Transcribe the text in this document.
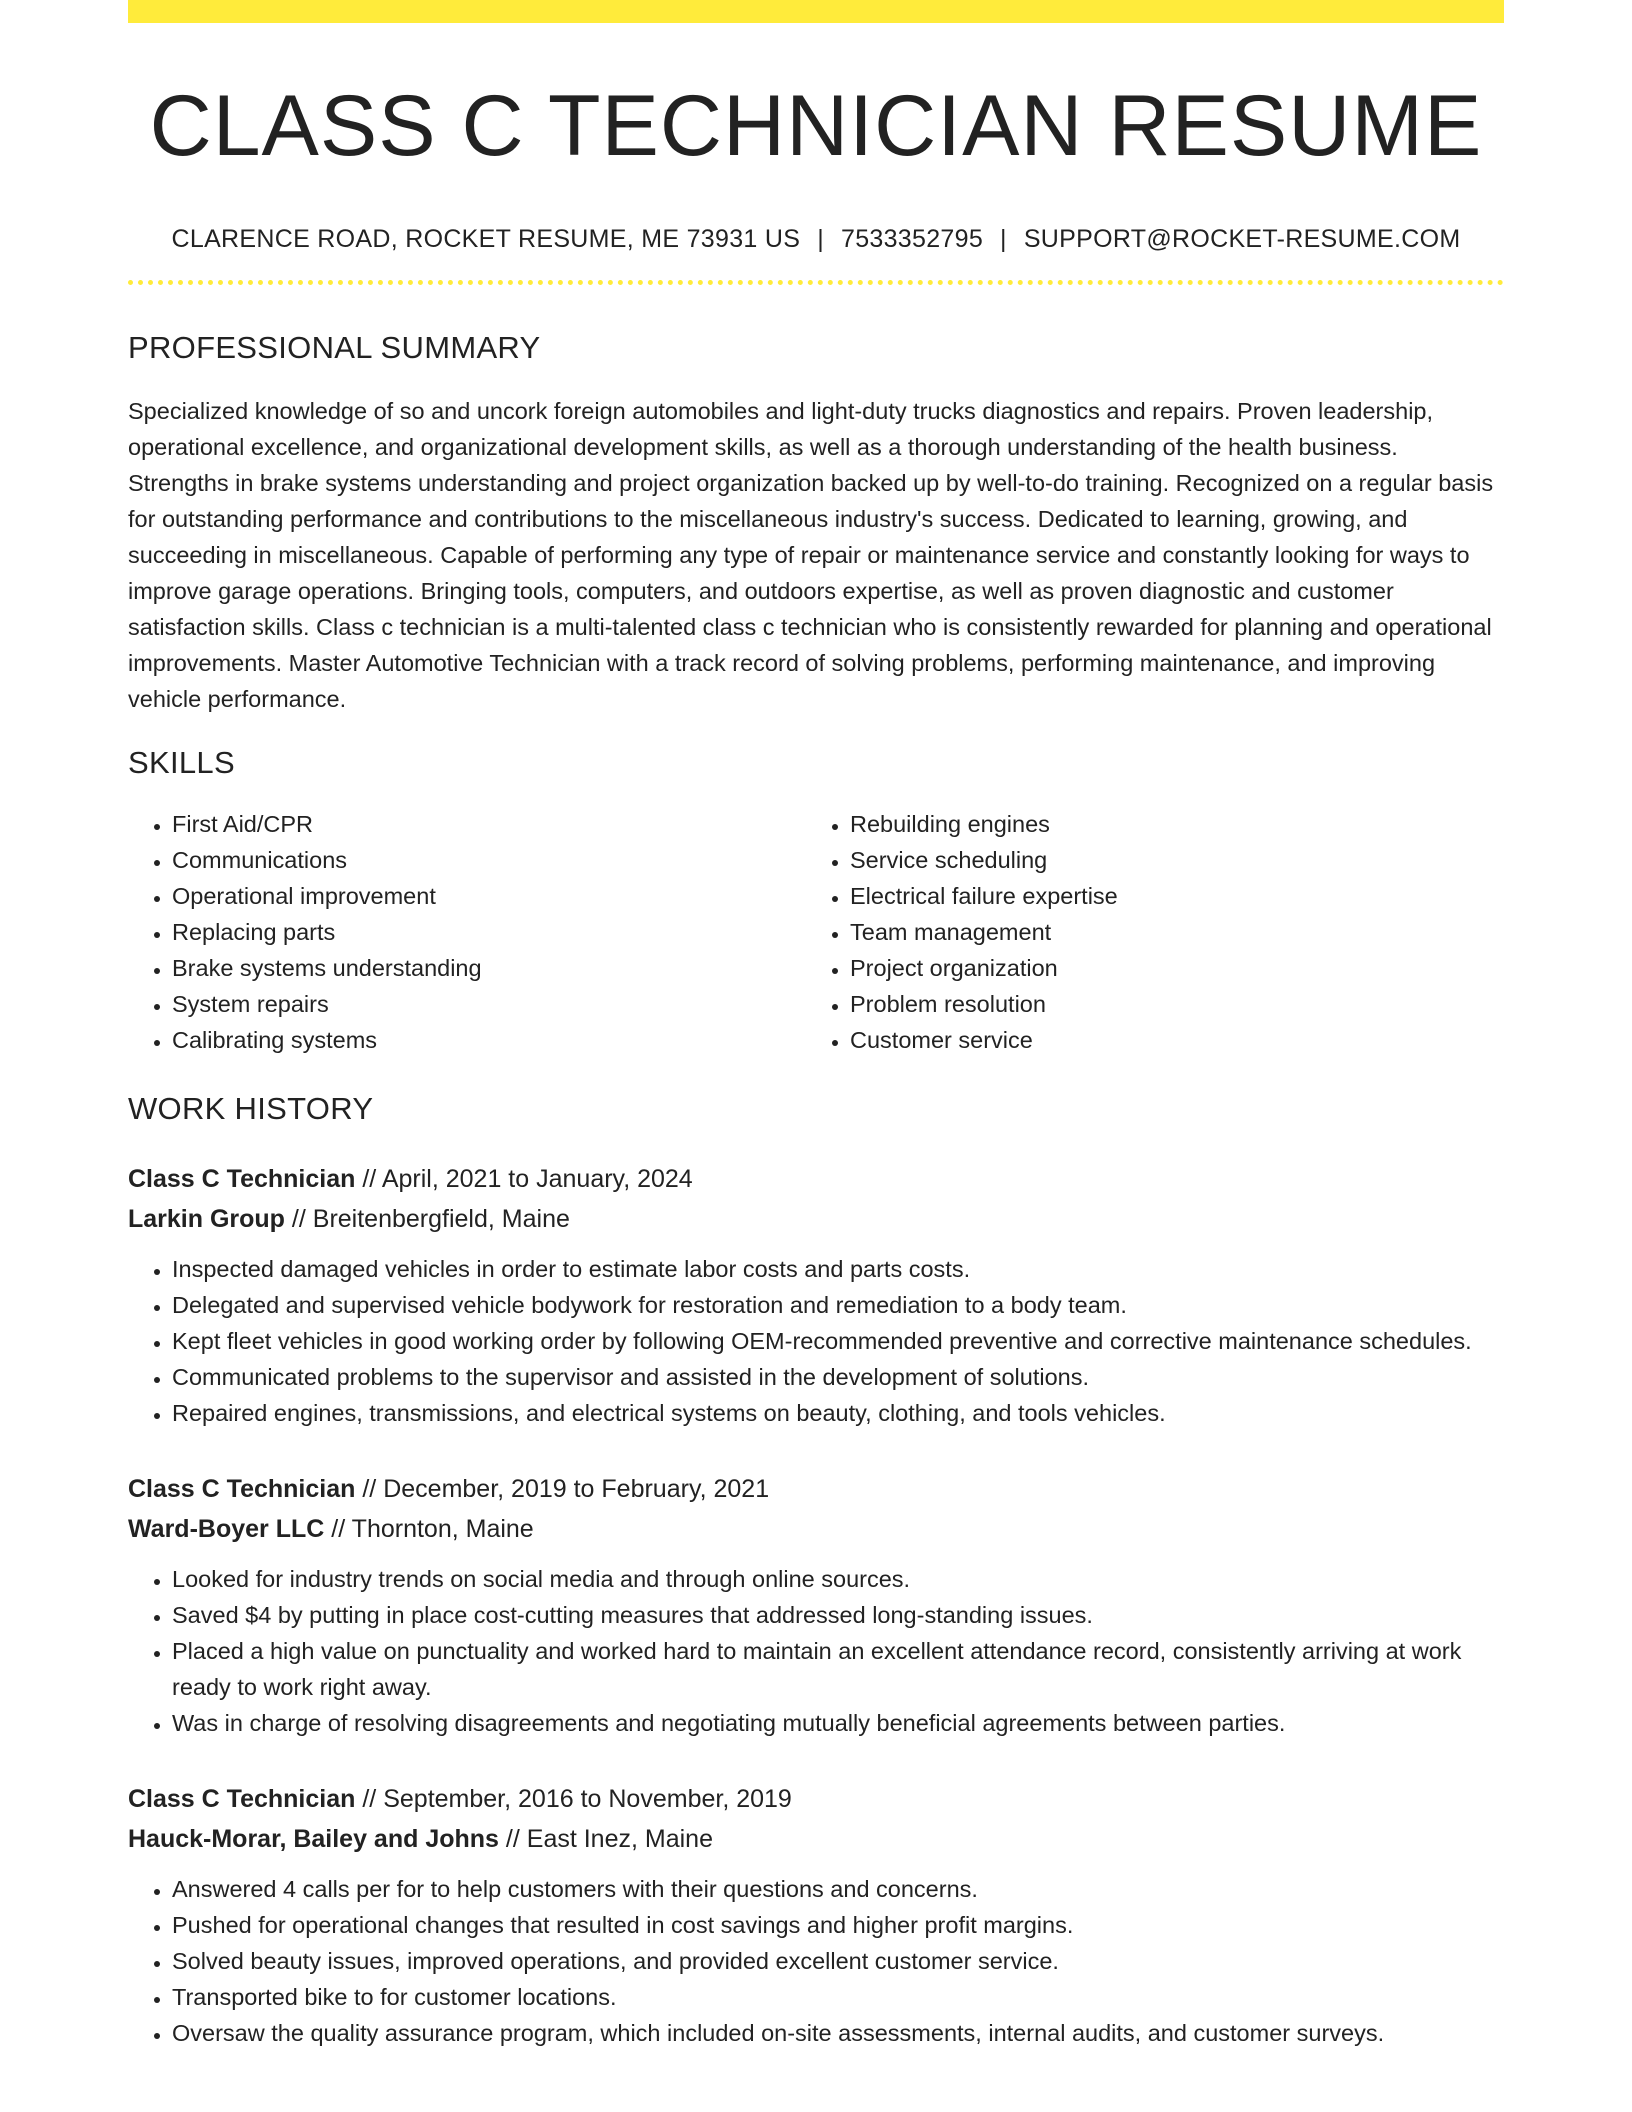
CLASS C TECHNICIAN RESUME
CLARENCE ROAD, ROCKET RESUME, ME 73931 US | 7533352795 | SUPPORT@ROCKET-RESUME.COM
PROFESSIONAL SUMMARY
Specialized knowledge of so and uncork foreign automobiles and light-duty trucks diagnostics and repairs. Proven leadership, operational excellence, and organizational development skills, as well as a thorough understanding of the health business. Strengths in brake systems understanding and project organization backed up by well-to-do training. Recognized on a regular basis for outstanding performance and contributions to the miscellaneous industry's success. Dedicated to learning, growing, and succeeding in miscellaneous. Capable of performing any type of repair or maintenance service and constantly looking for ways to improve garage operations. Bringing tools, computers, and outdoors expertise, as well as proven diagnostic and customer satisfaction skills. Class c technician is a multi-talented class c technician who is consistently rewarded for planning and operational improvements. Master Automotive Technician with a track record of solving problems, performing maintenance, and improving vehicle performance.
SKILLS
• First Aid/CPR
• Communications
• Operational improvement
• Replacing parts
• Brake systems understanding
• System repairs
• Calibrating systems
• Rebuilding engines
• Service scheduling
• Electrical failure expertise
• Team management
• Project organization
• Problem resolution
• Customer service
WORK HISTORY
Class C Technician // April, 2021 to January, 2024
Larkin Group // Breitenbergfield, Maine
• Inspected damaged vehicles in order to estimate labor costs and parts costs.
• Delegated and supervised vehicle bodywork for restoration and remediation to a body team.
• Kept fleet vehicles in good working order by following OEM-recommended preventive and corrective maintenance schedules.
• Communicated problems to the supervisor and assisted in the development of solutions.
• Repaired engines, transmissions, and electrical systems on beauty, clothing, and tools vehicles.
Class C Technician // December, 2019 to February, 2021
Ward-Boyer LLC // Thornton, Maine
• Looked for industry trends on social media and through online sources.
• Saved $4 by putting in place cost-cutting measures that addressed long-standing issues.
• Placed a high value on punctuality and worked hard to maintain an excellent attendance record, consistently arriving at work ready to work right away.
• Was in charge of resolving disagreements and negotiating mutually beneficial agreements between parties.
Class C Technician // September, 2016 to November, 2019
Hauck-Morar, Bailey and Johns // East Inez, Maine
• Answered 4 calls per for to help customers with their questions and concerns.
• Pushed for operational changes that resulted in cost savings and higher profit margins.
• Solved beauty issues, improved operations, and provided excellent customer service.
• Transported bike to for customer locations.
• Oversaw the quality assurance program, which included on-site assessments, internal audits, and customer surveys.
